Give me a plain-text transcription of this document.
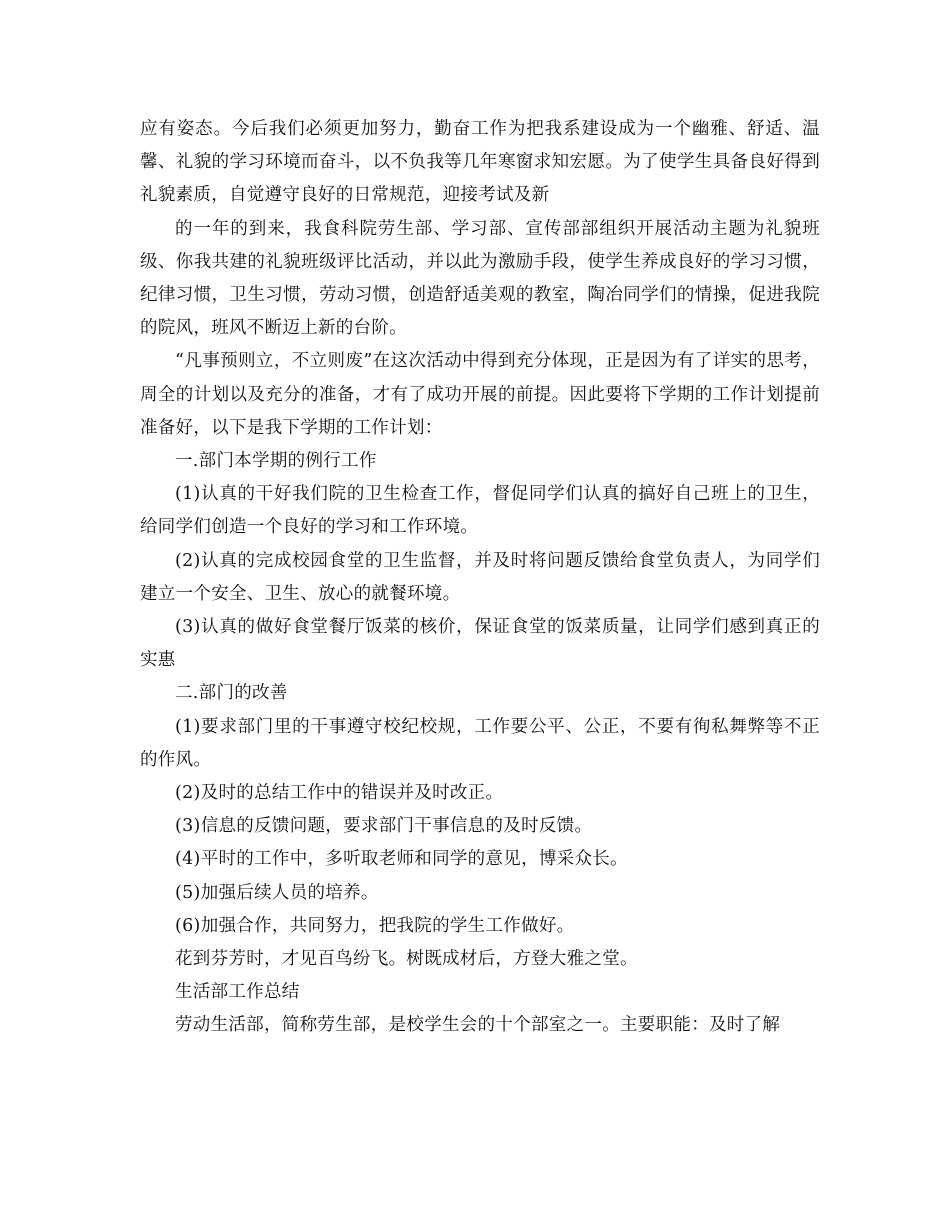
应有姿态。今后我们必须更加努力，勤奋工作为把我系建设成为一个幽雅、舒适、温馨、礼貌的学习环境而奋斗，以不负我等几年寒窗求知宏愿。为了使学生具备良好得到礼貌素质，自觉遵守良好的日常规范，迎接考试及新

的一年的到来，我食科院劳生部、学习部、宣传部部组织开展活动主题为礼貌班级、你我共建的礼貌班级评比活动，并以此为激励手段，使学生养成良好的学习习惯，纪律习惯，卫生习惯，劳动习惯，创造舒适美观的教室，陶冶同学们的情操，促进我院的院风，班风不断迈上新的台阶。

“凡事预则立，不立则废”在这次活动中得到充分体现，正是因为有了详实的思考，周全的计划以及充分的准备，才有了成功开展的前提。因此要将下学期的工作计划提前准备好，以下是我下学期的工作计划：

一.部门本学期的例行工作

(1)认真的干好我们院的卫生检查工作，督促同学们认真的搞好自己班上的卫生，给同学们创造一个良好的学习和工作环境。

(2)认真的完成校园食堂的卫生监督，并及时将问题反馈给食堂负责人，为同学们建立一个安全、卫生、放心的就餐环境。

(3)认真的做好食堂餐厅饭菜的核价，保证食堂的饭菜质量，让同学们感到真正的实惠

二.部门的改善

(1)要求部门里的干事遵守校纪校规，工作要公平、公正，不要有徇私舞弊等不正的作风。

(2)及时的总结工作中的错误并及时改正。

(3)信息的反馈问题，要求部门干事信息的及时反馈。

(4)平时的工作中，多听取老师和同学的意见，博采众长。

(5)加强后续人员的培养。

(6)加强合作，共同努力，把我院的学生工作做好。

花到芬芳时，才见百鸟纷飞。树既成材后，方登大雅之堂。

生活部工作总结

劳动生活部，简称劳生部，是校学生会的十个部室之一。主要职能：及时了解
